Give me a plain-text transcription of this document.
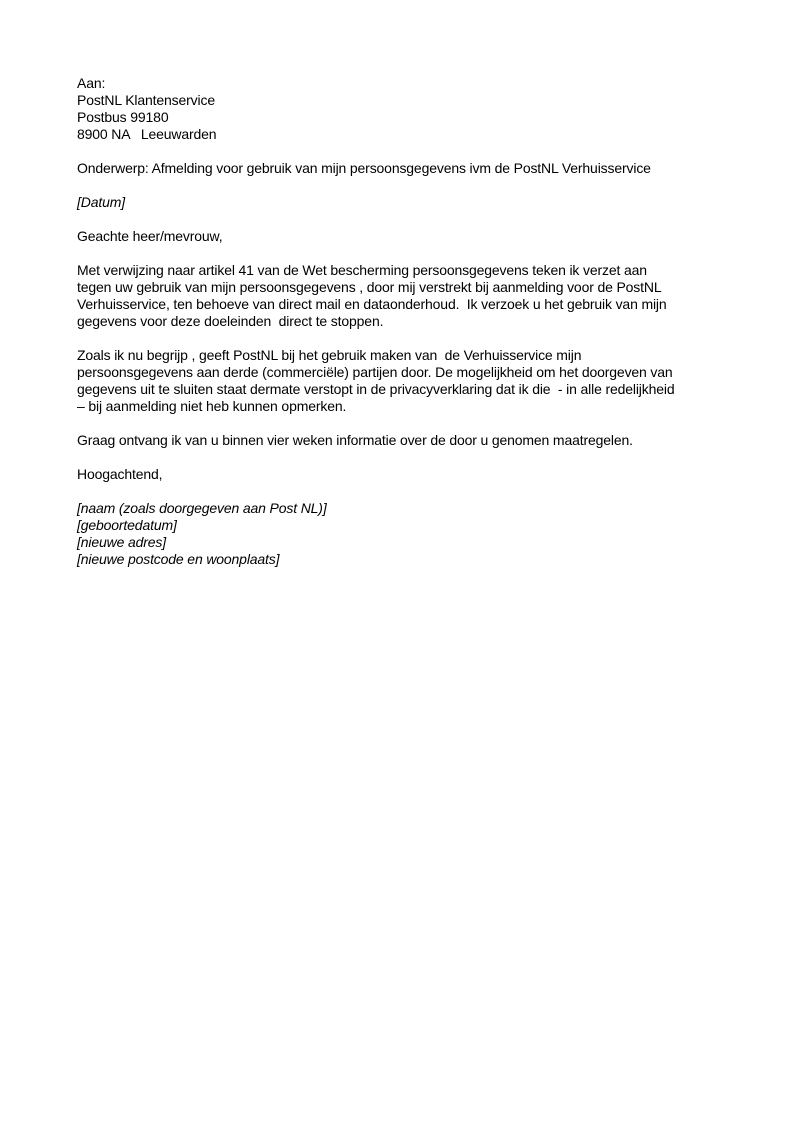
Aan:
PostNL Klantenservice
Postbus 99180
8900 NA   Leeuwarden
Onderwerp: Afmelding voor gebruik van mijn persoonsgegevens ivm de PostNL Verhuisservice
[Datum]
Geachte heer/mevrouw,
Met verwijzing naar artikel 41 van de Wet bescherming persoonsgegevens teken ik verzet aan
tegen uw gebruik van mijn persoonsgegevens , door mij verstrekt bij aanmelding voor de PostNL
Verhuisservice, ten behoeve van direct mail en dataonderhoud.  Ik verzoek u het gebruik van mijn
gegevens voor deze doeleinden  direct te stoppen.
Zoals ik nu begrijp , geeft PostNL bij het gebruik maken van  de Verhuisservice mijn
persoonsgegevens aan derde (commerciële) partijen door. De mogelijkheid om het doorgeven van
gegevens uit te sluiten staat dermate verstopt in de privacyverklaring dat ik die  - in alle redelijkheid
– bij aanmelding niet heb kunnen opmerken.
Graag ontvang ik van u binnen vier weken informatie over de door u genomen maatregelen.
Hoogachtend,
[naam (zoals doorgegeven aan Post NL)]
[geboortedatum]
[nieuwe adres]
[nieuwe postcode en woonplaats]
